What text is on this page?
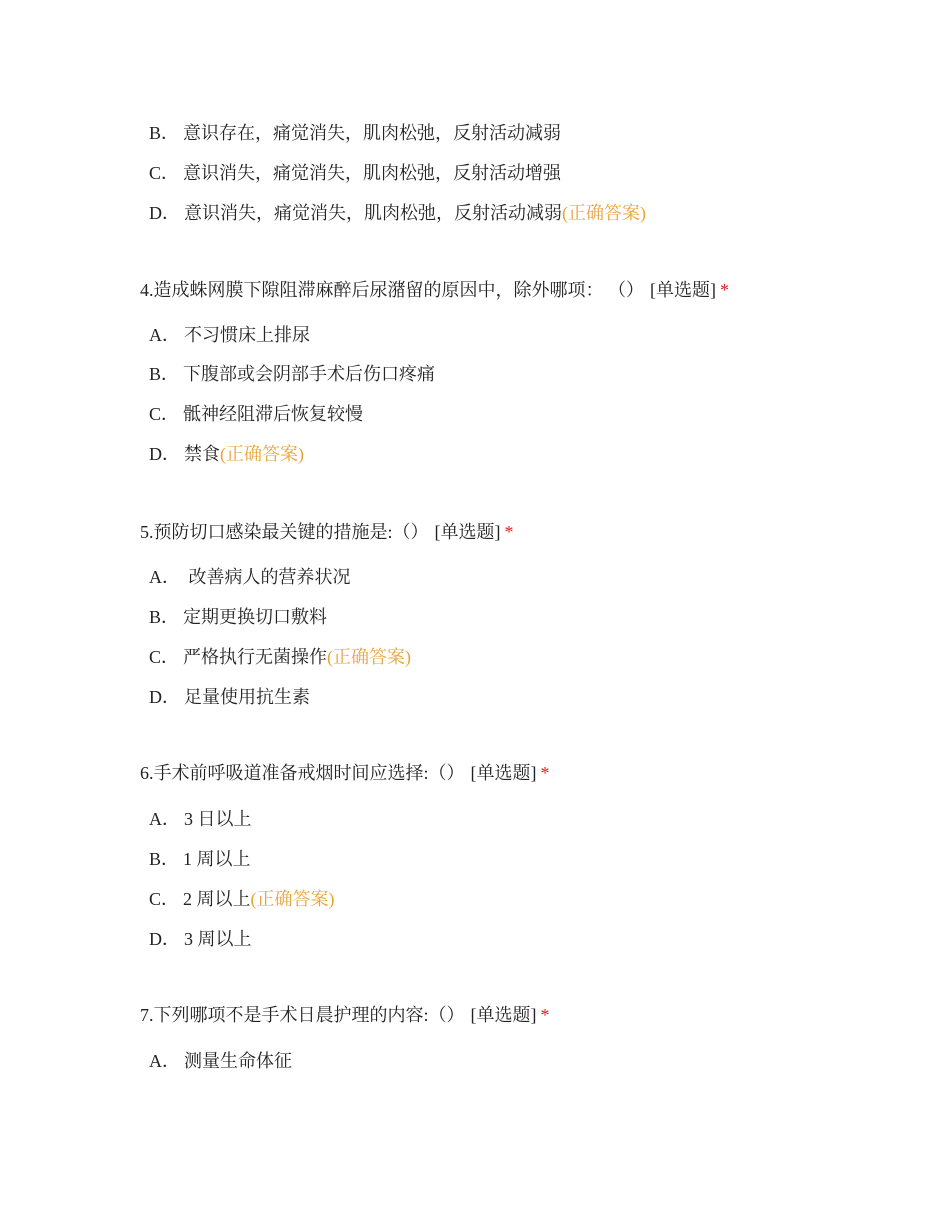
B． 意识存在，痛觉消失，肌肉松弛，反射活动减弱
C． 意识消失，痛觉消失，肌肉松弛，反射活动增强
D． 意识消失，痛觉消失，肌肉松弛，反射活动减弱(正确答案)
4.造成蛛网膜下隙阻滞麻醉后尿潴留的原因中，除外哪项： （） [单选题] *
A． 不习惯床上排尿
B． 下腹部或会阴部手术后伤口疼痛
C． 骶神经阻滞后恢复较慢
D． 禁食(正确答案)
5.预防切口感染最关键的措施是:（） [单选题] *
A． 改善病人的营养状况
B． 定期更换切口敷料
C． 严格执行无菌操作(正确答案)
D． 足量使用抗生素
6.手术前呼吸道准备戒烟时间应选择:（） [单选题] *
A． 3 日以上
B． 1 周以上
C． 2 周以上(正确答案)
D． 3 周以上
7.下列哪项不是手术日晨护理的内容:（） [单选题] *
A． 测量生命体征
